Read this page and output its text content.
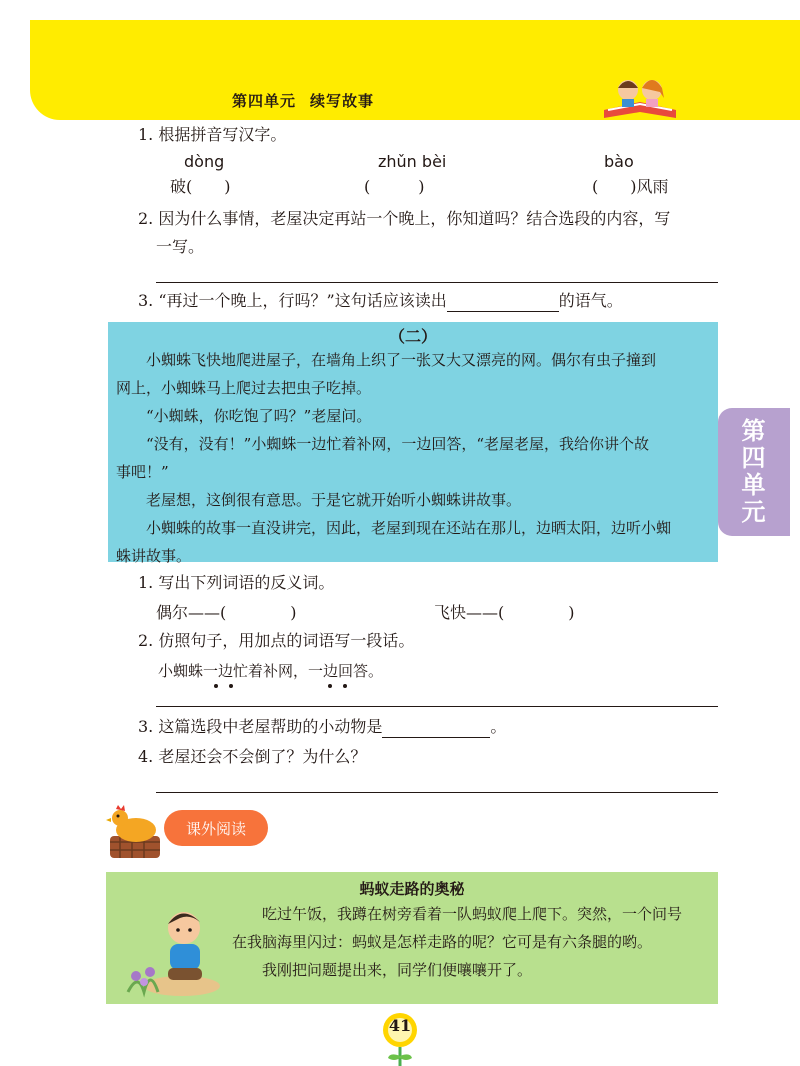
第四单元 续写故事
1. 根据拼音写汉字。
dòng	zhǔn bèi	bào
破(　　)	(　　　)	(　　)风雨
2. 因为什么事情，老屋决定再站一个晚上，你知道吗？结合选段的内容，写
一写。
3. “再过一个晚上，行吗？”这句话应该读出	的语气。
（二）
　　小蜘蛛飞快地爬进屋子，在墙角上织了一张又大又漂亮的网。偶尔有虫子撞到
网上，小蜘蛛马上爬过去把虫子吃掉。
　　“小蜘蛛，你吃饱了吗？”老屋问。
　　“没有，没有！”小蜘蛛一边忙着补网，一边回答，“老屋老屋，我给你讲个故
事吧！”
　　老屋想，这倒很有意思。于是它就开始听小蜘蛛讲故事。
　　小蜘蛛的故事一直没讲完，因此，老屋到现在还站在那儿，边晒太阳，边听小蜘
蛛讲故事。
第四单元
1. 写出下列词语的反义词。
偶尔——(　　　　)	飞快——(　　　　)
2. 仿照句子，用加点的词语写一段话。
小蜘蛛一边忙着补网，一边回答。
3. 这篇选段中老屋帮助的小动物是	。
4. 老屋还会不会倒了？为什么？
课外阅读
蚂蚁走路的奥秘
　　吃过午饭，我蹲在树旁看着一队蚂蚁爬上爬下。突然，一个问号
在我脑海里闪过：蚂蚁是怎样走路的呢？它可是有六条腿的哟。
　　我刚把问题提出来，同学们便嚷嚷开了。
41
